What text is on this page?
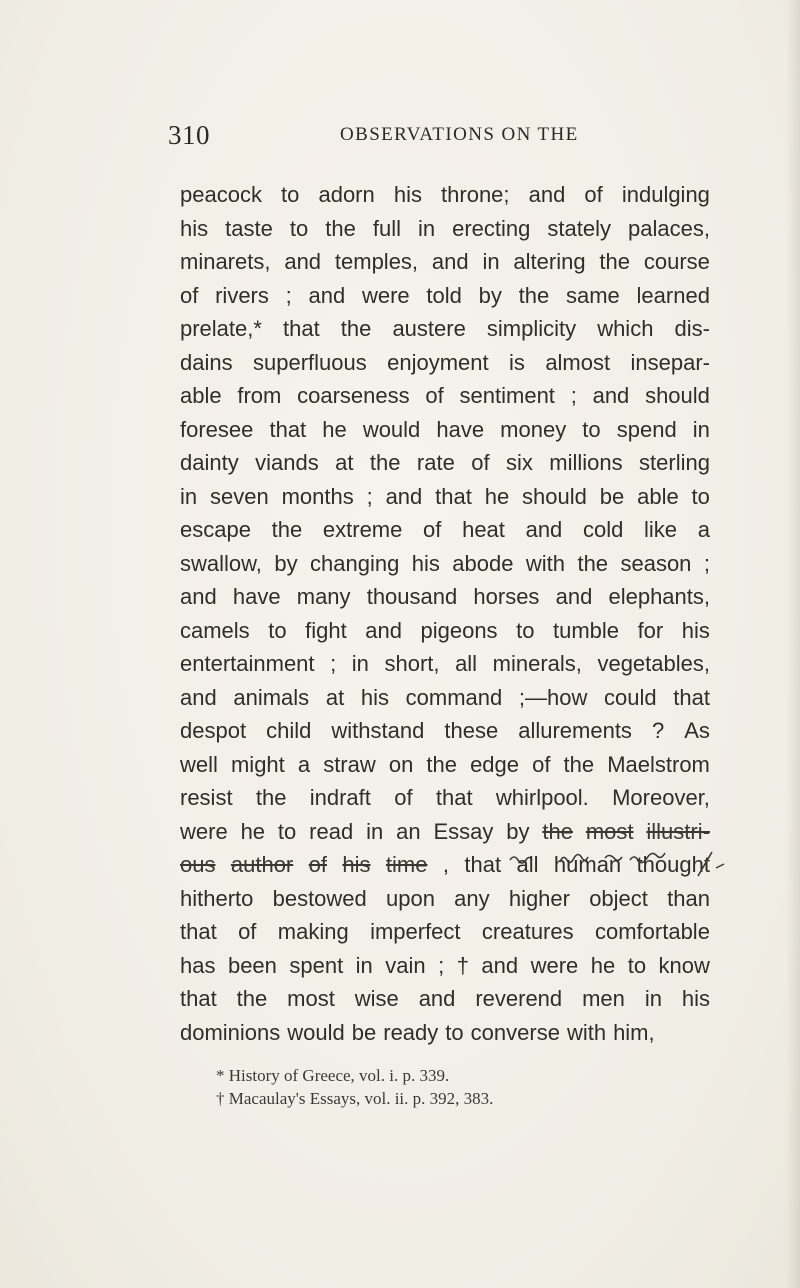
310	OBSERVATIONS ON THE
peacock to adorn his throne; and of indulging
his taste to the full in erecting stately palaces,
minarets, and temples, and in altering the course
of rivers ; and were told by the same learned
prelate,* that the austere simplicity which dis-
dains superfluous enjoyment is almost insepar-
able from coarseness of sentiment ; and should
foresee that he would have money to spend in
dainty viands at the rate of six millions sterling
in seven months ; and that he should be able to
escape the extreme of heat and cold like a
swallow, by changing his abode with the season ;
and have many thousand horses and elephants,
camels to fight and pigeons to tumble for his
entertainment ; in short, all minerals, vegetables,
and animals at his command ;—how could that
despot child withstand these allurements ? As
well might a straw on the edge of the Maelstrom
resist the indraft of that whirlpool. Moreover,
were he to read in an Essay by the most illustri-
ous author of his time , that all human thought
hitherto bestowed upon any higher object than
that of making imperfect creatures comfortable
has been spent in vain ; † and were he to know
that the most wise and reverend men in his
dominions would be ready to converse with him,
* History of Greece, vol. i. p. 339.
† Macaulay's Essays, vol. ii. p. 392, 383.
